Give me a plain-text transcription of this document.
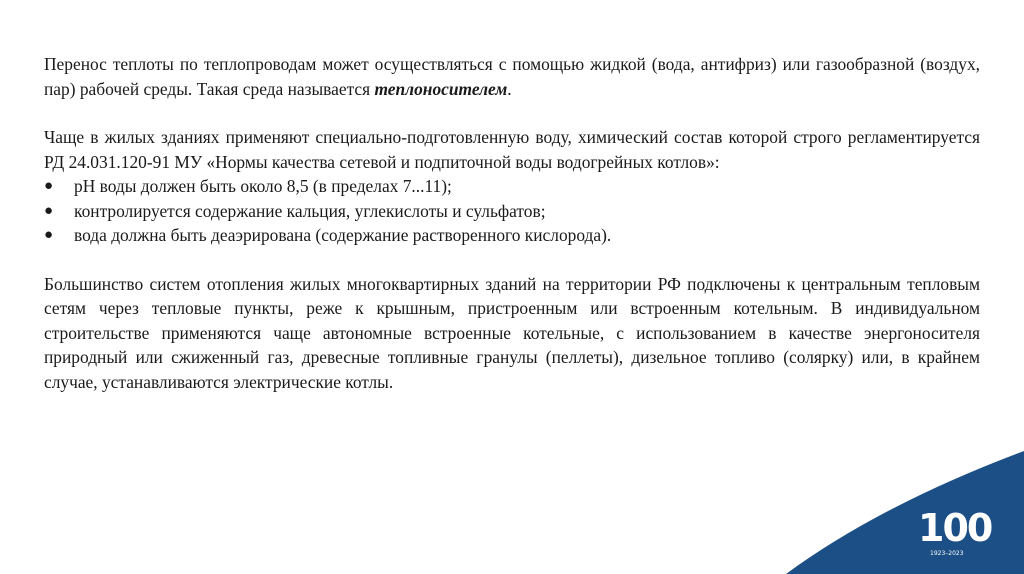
Перенос теплоты по теплопроводам может осуществляться с помощью жидкой (вода, антифриз) или газообразной (воздух, пар) рабочей среды. Такая среда называется теплоносителем.

Чаще в жилых зданиях применяют специально-подготовленную воду, химический состав которой строго регламентируется РД 24.031.120-91 МУ «Нормы качества сетевой и подпиточной воды водогрейных котлов»:

●	pH воды должен быть около 8,5 (в пределах 7...11);
●	контролируется содержание кальция, углекислоты и сульфатов;
●	вода должна быть деаэрирована (содержание растворенного кислорода).

Большинство систем отопления жилых многоквартирных зданий на территории РФ подключены к центральным тепловым сетям через тепловые пункты, реже к крышным, пристроенным или встроенным котельным. В индивидуальном строительстве применяются чаще автономные встроенные котельные, с использованием в качестве энергоносителя природный или сжиженный газ, древесные топливные гранулы (пеллеты), дизельное топливо (солярку) или, в крайнем случае, устанавливаются электрические котлы.

100
1923–2023
